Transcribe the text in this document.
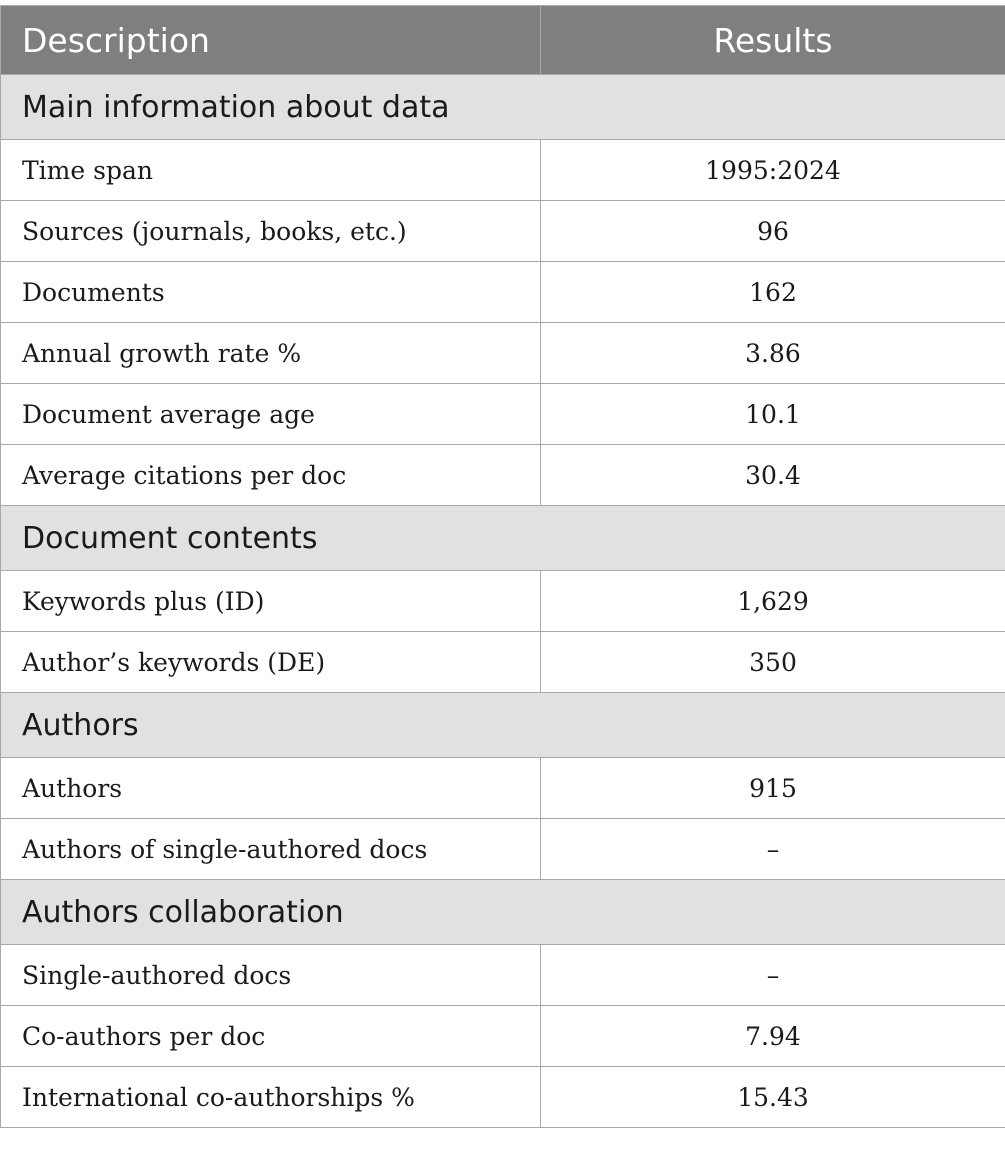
Description	Results
Main information about data	
Time span	1995:2024
Sources (journals, books, etc.)	96
Documents	162
Annual growth rate %	3.86
Document average age	10.1
Average citations per doc	30.4
Document contents	
Keywords plus (ID)	1,629
Author’s keywords (DE)	350
Authors	
Authors	915
Authors of single-authored docs	–
Authors collaboration	
Single-authored docs	–
Co-authors per doc	7.94
International co-authorships %	15.43
